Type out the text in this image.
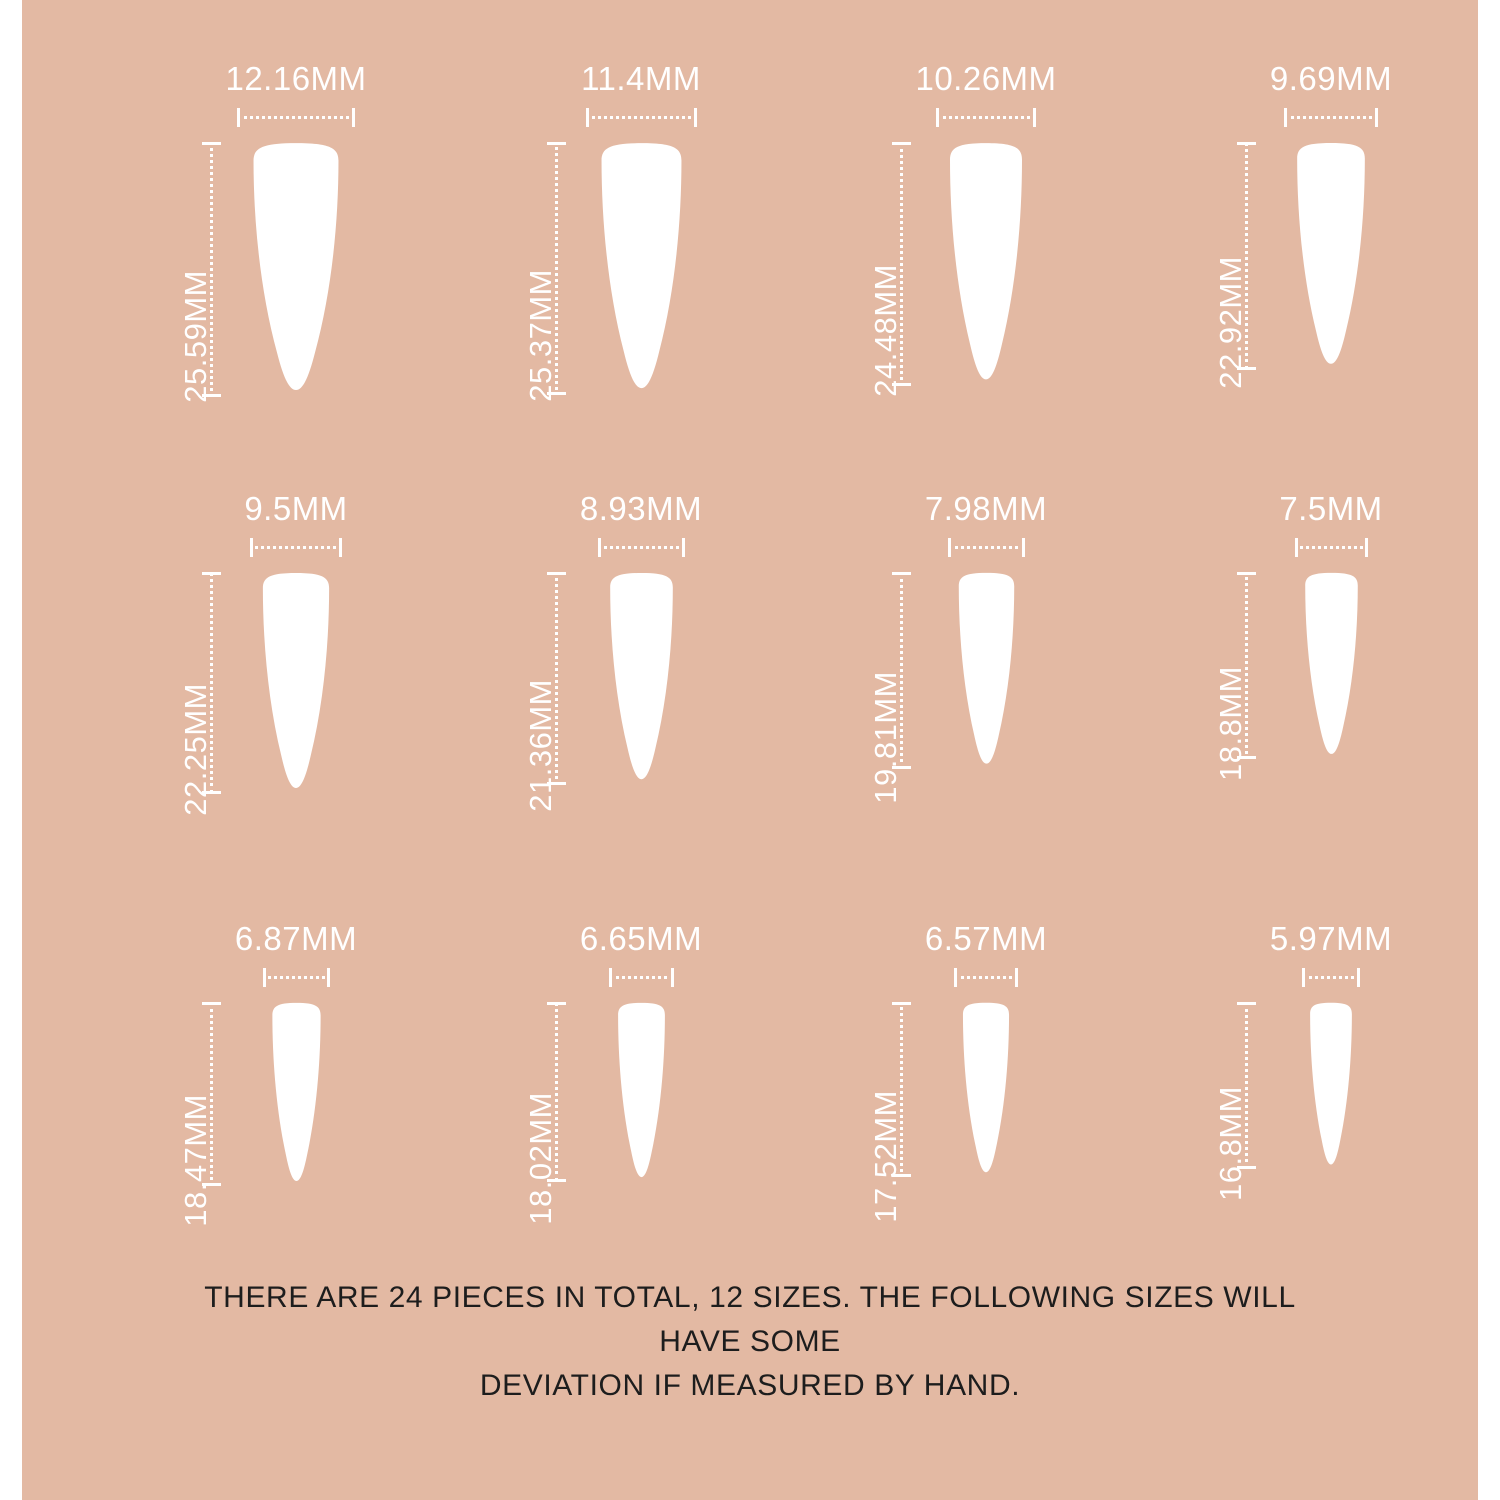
25.59MM
12.16MM
25.37MM
11.4MM
24.48MM
10.26MM
22.92MM
9.69MM
22.25MM
9.5MM
21.36MM
8.93MM
19.81MM
7.98MM
18.8MM
7.5MM
18.47MM
6.87MM
18.02MM
6.65MM
17.52MM
6.57MM
16.8MM
5.97MM
THERE ARE 24 PIECES IN TOTAL, 12 SIZES. THE FOLLOWING SIZES WILL HAVE SOME
DEVIATION IF MEASURED BY HAND.
